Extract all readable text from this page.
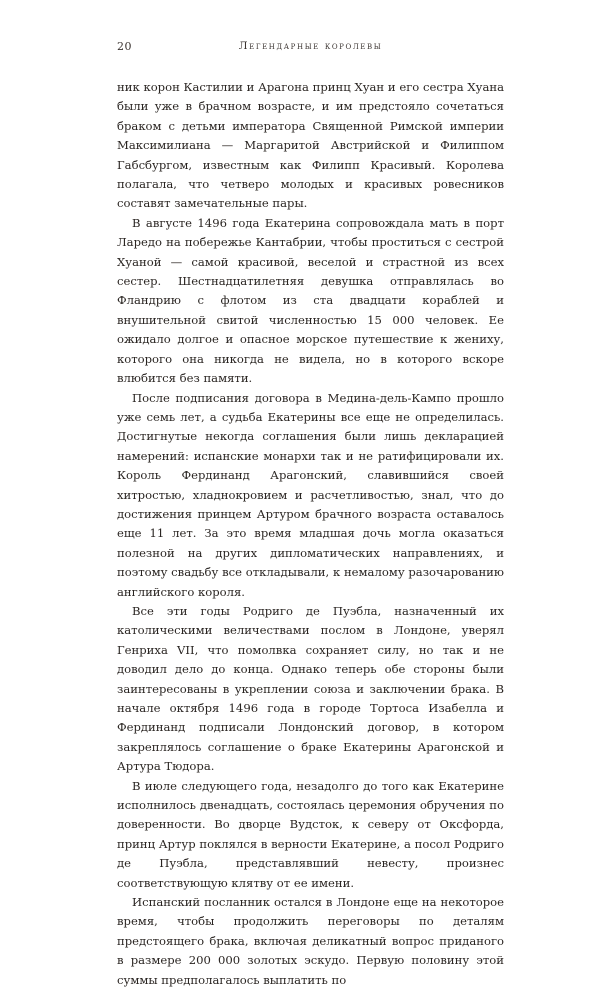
20	Легендарные королевы

ник корон Кастилии и Арагона принц Хуан и его сестра Хуана были уже в брачном возрасте, и им предстояло сочетаться браком с детьми императора Священной Римской империи Максимилиана — Маргаритой Австрийской и Филиппом Габсбургом, известным как Филипп Красивый. Королева полагала, что четверо молодых и красивых ровесников составят замечательные пары.

В августе 1496 года Екатерина сопровождала мать в порт Ларедо на побережье Кантабрии, чтобы проститься с сестрой Хуаной — самой красивой, веселой и страстной из всех сестер. Шестнадцатилетняя девушка отправлялась во Фландрию с флотом из ста двадцати кораблей и внушительной свитой численностью 15 000 человек. Ее ожидало долгое и опасное морское путешествие к жениху, которого она никогда не видела, но в которого вскоре влюбится без памяти.

После подписания договора в Медина-дель-Кампо прошло уже семь лет, а судьба Екатерины все еще не определилась. Достигнутые некогда соглашения были лишь декларацией намерений: испанские монархи так и не ратифицировали их. Король Фердинанд Арагонский, славившийся своей хитростью, хладнокровием и расчетливостью, знал, что до достижения принцем Артуром брачного возраста оставалось еще 11 лет. За это время младшая дочь могла оказаться полезной на других дипломатических направлениях, и поэтому свадьбу все откладывали, к немалому разочарованию английского короля.

Все эти годы Родриго де Пуэбла, назначенный их католическими величествами послом в Лондоне, уверял Генриха VII, что помолвка сохраняет силу, но так и не доводил дело до конца. Однако теперь обе стороны были заинтересованы в укреплении союза и заключении брака. В начале октября 1496 года в городе Тортоса Изабелла и Фердинанд подписали Лондонский договор, в котором закреплялось соглашение о браке Екатерины Арагонской и Артура Тюдора.

В июле следующего года, незадолго до того как Екатерине исполнилось двенадцать, состоялась церемония обручения по доверенности. Во дворце Вудсток, к северу от Оксфорда, принц Артур поклялся в верности Екатерине, а посол Родриго де Пуэбла, представлявший невесту, произнес соответствующую клятву от ее имени.

Испанский посланник остался в Лондоне еще на некоторое время, чтобы продолжить переговоры по деталям предстоящего брака, включая деликатный вопрос приданого в размере 200 000 золотых эскудо. Первую половину этой суммы предполагалось выплатить по
